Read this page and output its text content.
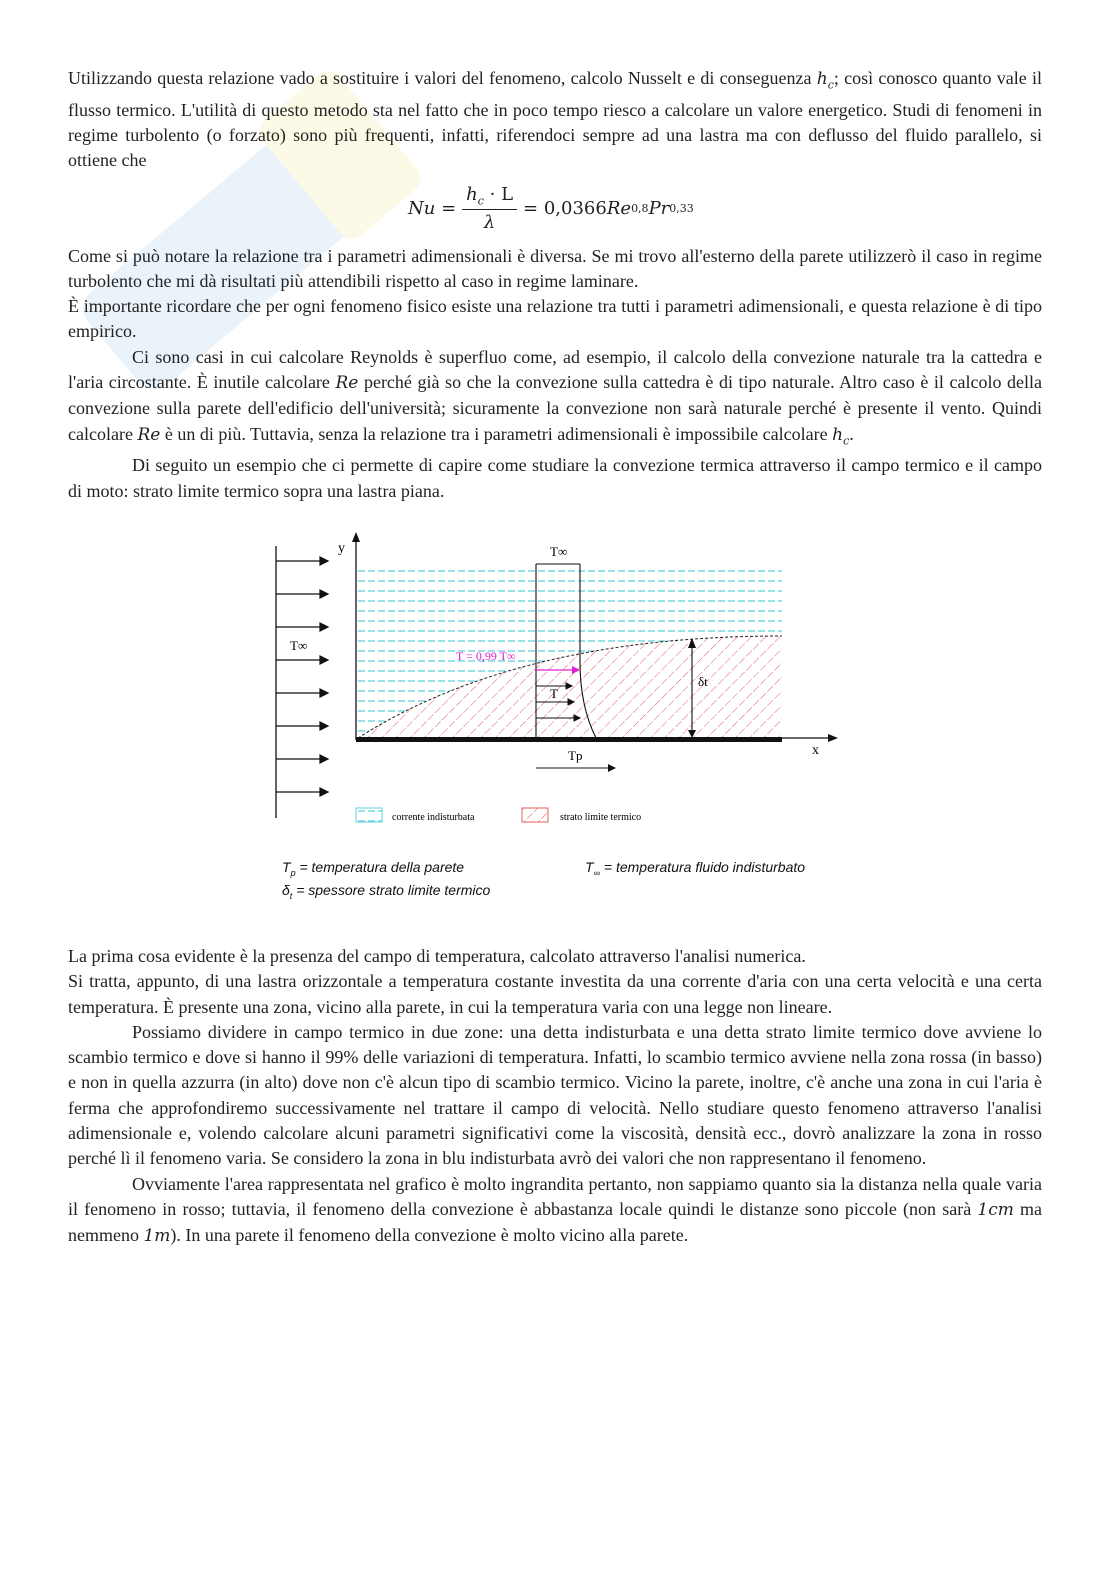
Utilizzando questa relazione vado a sostituire i valori del fenomeno, calcolo Nusselt e di conseguenza $h_c$; così conosco quanto vale il flusso termico. L'utilità di questo metodo sta nel fatto che in poco tempo riesco a calcolare un valore energetico. Studi di fenomeni in regime turbolento (o forzato) sono più frequenti, infatti, riferendoci sempre ad una lastra ma con deflusso del fluido parallelo, si ottiene che

$Nu = \frac{h_c \cdot L}{\lambda} = 0,0366$ Re 0,8 Pr 0,33

Come si può notare la relazione tra i parametri adimensionali è diversa. Se mi trovo all'esterno della parete utilizzerò il caso in regime turbolento che mi dà risultati più attendibili rispetto al caso in regime laminare.

È importante ricordare che per ogni fenomeno fisico esiste una relazione tra tutti i parametri adimensionali, e questa relazione è di tipo empirico.

Ci sono casi in cui calcolare Reynolds è superfluo come, ad esempio, il calcolo della convezione naturale tra la cattedra e l'aria circostante. È inutile calcolare Re perché già so che la convezione sulla cattedra è di tipo naturale. Altro caso è il calcolo della convezione sulla parete dell'edificio dell'università; sicuramente la convezione non sarà naturale perché è presente il vento. Quindi calcolare Re è un di più. Tuttavia, senza la relazione tra i parametri adimensionali è impossibile calcolare $h_c$.

Di seguito un esempio che ci permette di capire come studiare la convezione termica attraverso il campo termico e il campo di moto: strato limite termico sopra una lastra piana.

T∞
y
x
T∞
T = 0,99 T∞
T
δt
Tp
corrente indisturbata	strato limite termico
$T_p$ = temperatura della parete
$\delta_t$ = spessore strato limite termico
$T_\infty$ = temperatura fluido indisturbato

La prima cosa evidente è la presenza del campo di temperatura, calcolato attraverso l'analisi numerica.

Si tratta, appunto, di una lastra orizzontale a temperatura costante investita da una corrente d'aria con una certa velocità e una certa temperatura. È presente una zona, vicino alla parete, in cui la temperatura varia con una legge non lineare.

Possiamo dividere in campo termico in due zone: una detta indisturbata e una detta strato limite termico dove avviene lo scambio termico e dove si hanno il 99% delle variazioni di temperatura. Infatti, lo scambio termico avviene nella zona rossa (in basso) e non in quella azzurra (in alto) dove non c'è alcun tipo di scambio termico. Vicino la parete, inoltre, c'è anche una zona in cui l'aria è ferma che approfondiremo successivamente nel trattare il campo di velocità. Nello studiare questo fenomeno attraverso l'analisi adimensionale e, volendo calcolare alcuni parametri significativi come la viscosità, densità ecc., dovrò analizzare la zona in rosso perché lì il fenomeno varia. Se considero la zona in blu indisturbata avrò dei valori che non rappresentano il fenomeno.

Ovviamente l'area rappresentata nel grafico è molto ingrandita pertanto, non sappiamo quanto sia la distanza nella quale varia il fenomeno in rosso; tuttavia, il fenomeno della convezione è abbastanza locale quindi le distanze sono piccole (non sarà 1cm ma nemmeno 1m). In una parete il fenomeno della convezione è molto vicino alla parete.
